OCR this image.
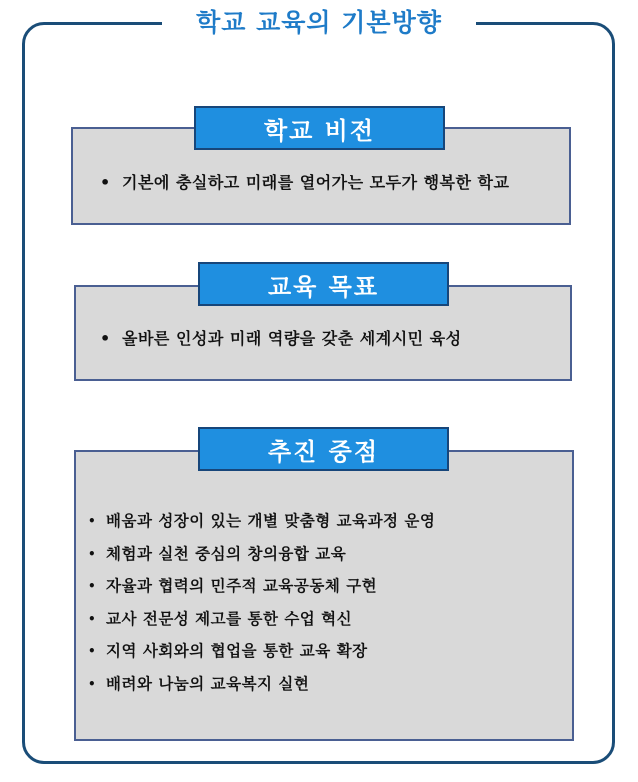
학교 교육의 기본방향
학교 비전
• 기본에 충실하고 미래를 열어가는 모두가 행복한 학교
교육 목표
• 올바른 인성과 미래 역량을 갖춘 세계시민 육성
추진 중점
• 배움과 성장이 있는 개별 맞춤형 교육과정 운영
• 체험과 실천 중심의 창의융합 교육
• 자율과 협력의 민주적 교육공동체 구현
• 교사 전문성 제고를 통한 수업 혁신
• 지역 사회와의 협업을 통한 교육 확장
• 배려와 나눔의 교육복지 실현
